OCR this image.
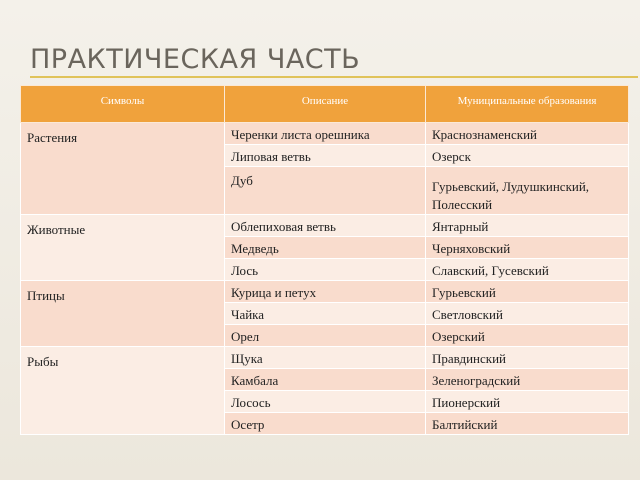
ПРАКТИЧЕСКАЯ ЧАСТЬ
Символы	Описание	Муниципальные образования
Растения	Черенки листа орешника	Краснознаменский
	Липовая ветвь	Озерск
	Дуб	Гурьевский, Лудушкинский, Полесский
Животные	Облепиховая ветвь	Янтарный
	Медведь	Черняховский
	Лось	Славский, Гусевский
Птицы	Курица и петух	Гурьевский
	Чайка	Светловский
	Орел	Озерский
Рыбы	Щука	Правдинский
	Камбала	Зеленоградский
	Лосось	Пионерский
	Осетр	Балтийский
